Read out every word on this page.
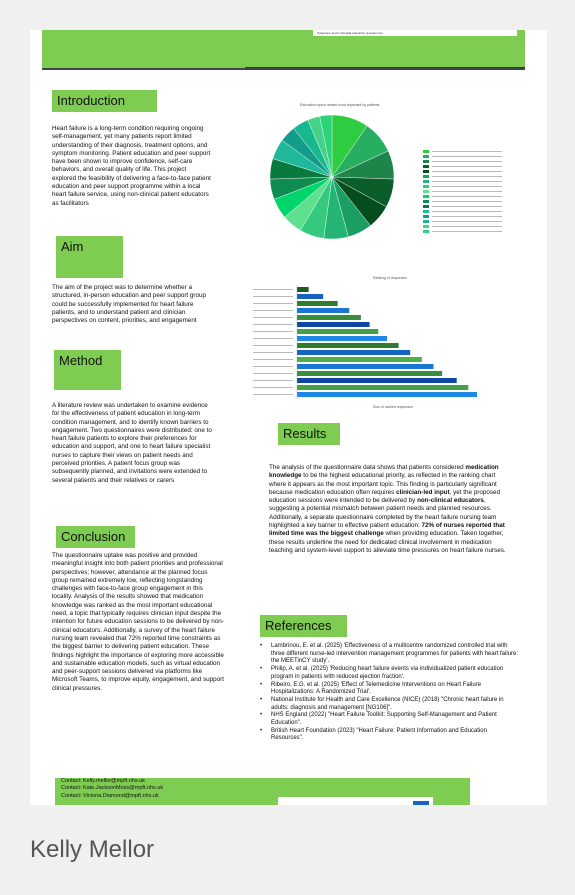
Telephone and in-hospital education programmes
Introduction
Heart failure is a long-term condition requiring ongoing self-management, yet many patients report limited understanding of their diagnosis, treatment options, and symptom monitoring. Patient education and peer support have been shown to improve confidence, self-care behaviors, and overall quality of life. This project explored the feasibility of delivering a face-to-face patient education and peer support programme within a local heart failure service, using non-clinical patient educators as facilitators
Education topics ranked most important by patients
Aim
The aim of the project was to determine whether a structured, in-person education and peer support group could be successfully implemented for heart failure patients, and to understand patient and clinician perspectives on content, priorities, and engagement
Ranking of responses
Sum of ranked responses
Method
A literature review was undertaken to examine evidence for the effectiveness of patient education in long-term condition management, and to identify known barriers to engagement. Two questionnaires were distributed: one to heart failure patients to explore their preferences for education and support, and one to heart failure specialist nurses to capture their views on patient needs and perceived priorities. A patient focus group was subsequently planned, and invitations were extended to several patients and their relatives or carers
Results
The analysis of the questionnaire data shows that patients considered medication knowledge to be the highest educational priority, as reflected in the ranking chart where it appears as the most important topic. This finding is particularly significant because medication education often requires clinician-led input, yet the proposed education sessions were intended to be delivered by non-clinical educators, suggesting a potential mismatch between patient needs and planned resources. Additionally, a separate questionnaire completed by the heart failure nursing team highlighted a key barrier to effective patient education: 72% of nurses reported that limited time was the biggest challenge when providing education. Taken together, these results underline the need for dedicated clinical involvement in medication teaching and system-level support to alleviate time pressures on heart failure nurses.
Conclusion
The questionnaire uptake was positive and provided meaningful insight into both patient priorities and professional perspectives; however, attendance at the planned focus group remained extremely low, reflecting longstanding challenges with face-to-face group engagement in this locality. Analysis of the results showed that medication knowledge was ranked as the most important educational need, a topic that typically requires clinician input despite the intention for future education sessions to be delivered by non-clinical educators. Additionally, a survey of the heart failure nursing team revealed that 72% reported time constraints as the biggest barrier to delivering patient education. These findings highlight the importance of exploring more accessible and sustainable education models, such as virtual education and peer-support sessions delivered via platforms like Microsoft Teams, to improve equity, engagement, and support clinical pressures.
References
• Lambrinou, E. et al. (2025) 'Effectiveness of a multicentre randomized controlled trial with three different nurse-led intervention management programmes for patients with heart failure: the MEETinCY study'.
• Philip, A. et al. (2025) 'Reducing heart failure events via individualized patient education program in patients with reduced ejection fraction'.
• Ribeiro, E.G. et al. (2025) 'Effect of Telemedicine Interventions on Heart Failure Hospitalizations: A Randomized Trial'.
• National Institute for Health and Care Excellence (NICE) (2018) "Chronic heart failure in adults: diagnosis and management [NG106]".
• NHS England (2022) "Heart Failure Toolkit: Supporting Self-Management and Patient Education".
• British Heart Foundation (2023) "Heart Failure: Patient Information and Education Resources".
Contact: Kelly.mellor@mpft.nhs.uk
Contact: Kate.JacksonMoss@mpft.nhs.uk
Contact: Victoria.Diamond@mpft.nhs.uk
Kelly Mellor
